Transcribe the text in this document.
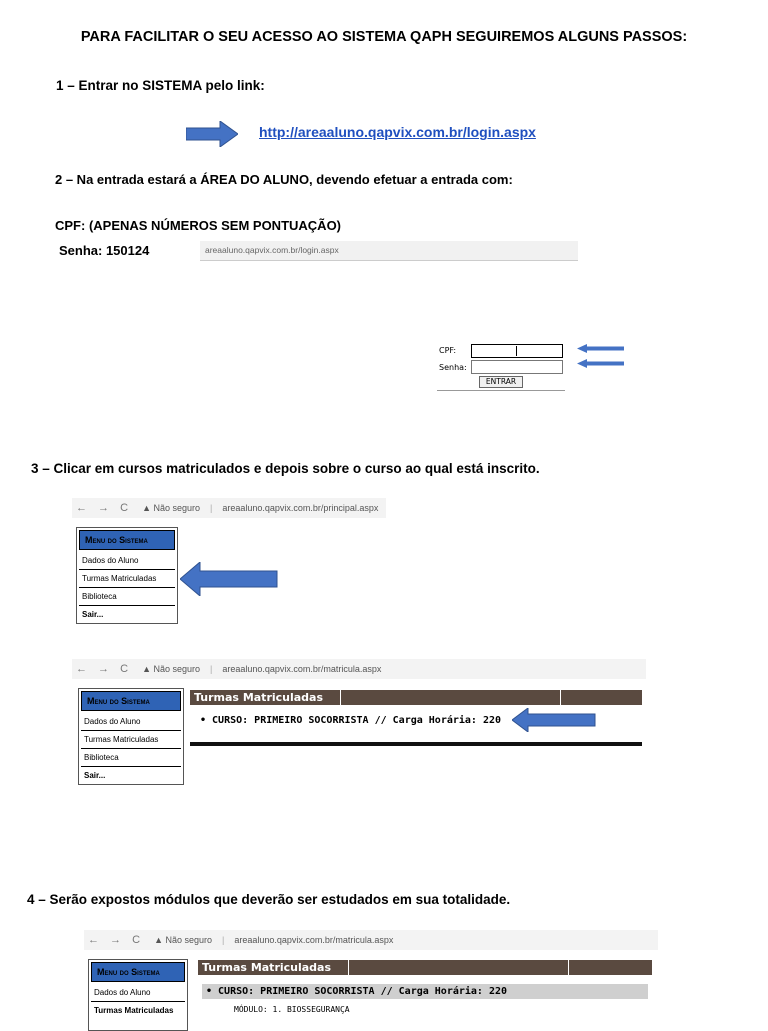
PARA FACILITAR O SEU ACESSO AO SISTEMA QAPH SEGUIREMOS ALGUNS PASSOS:
1 – Entrar no SISTEMA pelo link:
http://areaaluno.qapvix.com.br/login.aspx
2 – Na entrada estará a ÁREA DO ALUNO, devendo efetuar a entrada com:
CPF: (APENAS NÚMEROS SEM PONTUAÇÃO)
Senha: 150124	areaaluno.qapvix.com.br/login.aspx
CPF:
Senha:
ENTRAR
3 – Clicar em cursos matriculados e depois sobre o curso ao qual está inscrito.
← → C ▲ Não seguro | areaaluno.qapvix.com.br/principal.aspx
Menu do Sistema
Dados do Aluno
Turmas Matriculadas
Biblioteca
Sair...
← → C ▲ Não seguro | areaaluno.qapvix.com.br/matricula.aspx
Menu do Sistema
Dados do Aluno
Turmas Matriculadas
Biblioteca
Sair...
Turmas Matriculadas
• CURSO: PRIMEIRO SOCORRISTA // Carga Horária: 220
4 – Serão expostos módulos que deverão ser estudados em sua totalidade.
← → C ▲ Não seguro | areaaluno.qapvix.com.br/matricula.aspx
Menu do Sistema
Dados do Aluno
Turmas Matriculadas
Turmas Matriculadas
• CURSO: PRIMEIRO SOCORRISTA // Carga Horária: 220
MÓDULO: 1. BIOSSEGURANÇA
